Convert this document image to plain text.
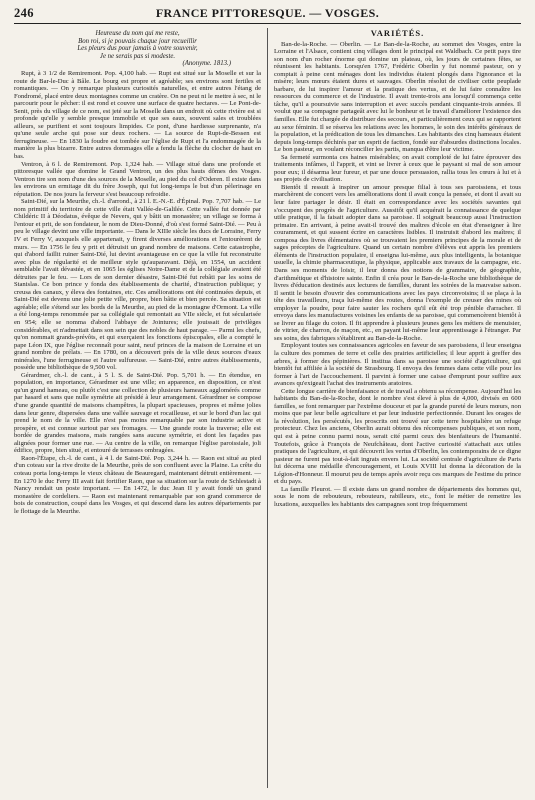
246	FRANCE PITTORESQUE. — VOSGES.
Heureuse du nom qui me reste,
Bon roi, si je pouvais chaque jour recueillir
Les pleurs dus pour jamais à votre souvenir,
Je ne serais pas si modeste.
(Anonyme. 1813.)

Rupt, à 3 1/2 de Remiremont. Pop. 4,100 hab. — Rupt est situé sur la Moselle et sur la route de Bar-le-Duc à Bâle. Le bourg est propre et agréable; ses environs sont fertiles et romantiques. — On y remarque plusieurs curiosités naturelles, et entre autres l'étang de Fondromé, placé entre deux montagnes comme un cratère. On ne peut ni le mettre à sec, ni le parcourir pour le pêcher: il est rond et couvre une surface de quatre hectares. — Le Pont-de-Senit, près du village de ce nom, est jeté sur la Moselle dans un endroit où cette rivière est si profonde qu'elle y semble presque immobile et que ses eaux, souvent sales et troublées ailleurs, se purifient et sont toujours limpides. Ce pont, d'une hardiesse surprenante, n'a qu'une seule arche qui pose sur deux rochers. — La source de Rupt-de-Bessen est ferrugineuse. — En 1830 la foudre est tombée sur l'église de Rupt et l'a endommagée de la manière la plus bizarre. Entre autres dommages elle a fendu la flèche du clocher de haut en bas.

Ventron, à 6 l. de Remiremont. Pop. 1,324 hab. — Village situé dans une profonde et pittoresque vallée que domine le Grand Ventron, un des plus hauts dômes des Vosges. Ventron tire son nom d'une des sources de la Moselle, au pied du col d'Oderen. Il existe dans les environs un ermitage dit du frère Joseph, qui fut long-temps le but d'un pèlerinage en réputation. De nos jours la ferveur s'est beaucoup refroidie.

Saint-Dié, sur la Meurthe, ch.-l. d'arrond., à 21 l. E.-N.-E. d'Épinal. Pop. 7,707 hab. — Le nom primitif du territoire de cette ville était Vallée-de-Galilée. Cette vallée fut donnée par Childéric II à Déodatus, évêque de Nevers, qui y bâtit un monastère; un village se forma à l'entour et prit, de son fondateur, le nom de Dieu-Donné, d'où s'est formé Saint-Dié. — Peu à peu le village devint une ville importante. — Dans le XIIIe siècle les ducs de Lorraine, Ferry IV et Ferry V, auxquels elle appartenait, y firent diverses améliorations et l'entourèrent de murs. — En 1756 le feu y prit et détruisit un grand nombre de maisons. Cette catastrophe, qui d'abord faillit ruiner Saint-Dié, lui devint avantageuse en ce que la ville fut reconstruite avec plus de régularité et de meilleur style qu'auparavant. Déjà, en 1554, un accident semblable l'avait dévastée, et en 1065 les églises Notre-Dame et de la collégiale avaient été détruites par le feu. — Lors de son dernier désastre, Saint-Dié fut rebâti par les soins de Stanislas. Ce bon prince y fonda des établissements de charité, d'instruction publique; y creusa des canaux, y éleva des fontaines, etc. Ces améliorations ont été continuées depuis, et Saint-Dié est devenu une jolie petite ville, propre, bien bâtie et bien percée. Sa situation est agréable; elle s'étend sur les bords de la Meurthe, au pied de la montagne d'Ormont. La ville a été long-temps renommée par sa collégiale qui remontait au VIIe siècle, et fut sécularisée en 954; elle se nomma d'abord l'abbaye de Jointures; elle jouissait de privilèges considérables, et n'admettait dans son sein que des nobles de haut parage. — Parmi les chefs, qu'on nommait grands-prévôts, et qui exerçaient les fonctions épiscopales, elle a compté le pape Léon IX, que l'église reconnaît pour saint, neuf princes de la maison de Lorraine et un grand nombre de prélats. — En 1780, on a découvert près de la ville deux sources d'eaux minérales, l'une ferrugineuse et l'autre sulfureuse. — Saint-Dié, entre autres établissements, possède une bibliothèque de 9,500 vol.

Gérardmer, ch.-l. de cant., à 5 l. S. de Saint-Dié. Pop. 5,701 h. — En étendue, en population, en importance, Gérardmer est une ville; en apparence, en disposition, ce n'est qu'un grand hameau, ou plutôt c'est une collection de plusieurs hameaux agglomérés comme par hasard et sans que nulle symétrie ait présidé à leur arrangement. Gérardmer se compose d'une grande quantité de maisons champêtres, la plupart spacieuses, propres et même jolies dans leur genre, dispersées dans une vallée sauvage et rocailleuse, et sur le bord d'un lac qui prend le nom de la ville. Elle n'est pas moins remarquable par son industrie active et prospère, et est connue surtout par ses fromages. — Une grande route la traverse; elle est bordée de grandes maisons, mais rangées sans aucune symétrie, et dont les façades pas alignées pour former une rue. — Au centre de la ville, on remarque l'église paroissiale, joli édifice, propre, bien situé, et entouré de terrasses ombragées.

Raon-l'Étape, ch.-l. de cant., à 4 l. de Saint-Dié. Pop. 3,244 h. — Raon est situé au pied d'un coteau sur la rive droite de la Meurthe, près de son confluent avec la Plaine. La crête du coteau porta long-temps le vieux château de Beauregard, maintenant détruit entièrement. — En 1270 le duc Ferry III avait fait fortifier Raon, que sa situation sur la route de Schlestadt à Nancy rendait un poste important. — En 1472, le duc Jean II y avait fondé un grand monastère de cordeliers. — Raon est maintenant remarquable par son grand commerce de bois de construction, coupé dans les Vosges, et qui descend dans les autres départements par le flottage de la Meurthe.

VARIÉTÉS.

Ban-de-la-Roche. — Oberlin. — Le Ban-de-la-Roche, au sommet des Vosges, entre la Lorraine et l'Alsace, contient cinq villages dont le principal est Waldbach. Ce petit pays tire son nom d'un rocher énorme qui domine un plateau, où, les jours de certaines fêtes, se réunissent les habitants. Lorsqu'en 1767, Frédéric Oberlin y fut nommé pasteur, on y comptait à peine cent ménages dont les individus étaient plongés dans l'ignorance et la misère; leurs mœurs étaient dures et sauvages. Oberlin résolut de civiliser cette peuplade barbare, de lui inspirer l'amour et la pratique des vertus, et de lui faire connaître les ressources du commerce et de l'industrie. Il avait trente-trois ans lorsqu'il commença cette tâche, qu'il a poursuivie sans interruption et avec succès pendant cinquante-trois années. Il voulut que sa compagne partageât avec lui le bonheur et le travail d'améliorer l'existence des familles. Elle fut chargée de distribuer des secours, et particulièrement ceux qui se rapportent au sexe féminin. Il se réserva les relations avec les hommes, le soin des intérêts généraux de la population, et la prédication de tous les dimanches. Les habitants des cinq hameaux étaient depuis long-temps déchirés par un esprit de faction, fondé sur d'absurdes distinctions locales. Le bon pasteur, en voulant réconcilier les partis, manqua d'être leur victime.

Sa fermeté surmonta ces haines misérables; on avait comploté de lui faire éprouver des traitements infâmes, il l'apprit, et vint se livrer à ceux que le paysant si mal de son amour pour eux; il désarma leur fureur, et par une douce persuasion, rallia tous les cœurs à lui et à ses projets de civilisation.

Bientôt il ressuit à inspirer un amour presque filial à tous ses paroissiens, et tous marchèrent de concert vers les améliorations dont il avait conçu la pensée, et dont il avait su leur faire partager le désir. Il était en correspondance avec les sociétés savantes qui s'occupent des progrès de l'agriculture. Aussitôt qu'il acquérait la connaissance de quelque utile pratique, il la faisait adopter dans sa paroisse. Il soignait beaucoup aussi l'instruction primaire. En arrivant, à peine avait-il trouvé des maîtres d'école en état d'enseigner à lire couramment, et qui sussent écrire en caractères lisibles. Il instruisit d'abord les maîtres; il composa des livres élémentaires où se trouvaient les premiers principes de la morale et de sages préceptes de l'agriculture. Quand un certain nombre d'élèves eut appris les premiers éléments de l'instruction populaire, il enseigna lui-même, aux plus intelligents, la botanique usuelle, la chimie pharmaceutique, la physique, applicable aux travaux de la campagne, etc. Dans ses moments de loisir, il leur donna des notions de grammaire, de géographie, d'arithmétique et d'histoire sainte. Enfin il créa pour le Ban-de-la-Roche une bibliothèque de livres d'éducation destinés aux lectures de familles, durant les soirées de la mauvaise saison. Il sentit le besoin d'ouvrir des communications avec les pays circonvoisins; il se plaça à la tête des travailleurs, traça lui-même des routes, donna l'exemple de creuser des mines où employer la poudre, pour faire sauter les rochers qu'il eût été trop pénible d'arracher. Il envoya dans les manufactures voisines les enfants de sa paroisse, qui commencèrent bientôt à se livrer au filage du coton. Il fit apprendre à plusieurs jeunes gens les métiers de menuisier, de vitrier, de charron, de maçon, etc., en payant lui-même leur apprentissage à l'étranger. Par ses soins, des fabriques s'établirent au Ban-de-la-Roche.

Employant toutes ses connaissances agricoles en faveur de ses paroissiens, il leur enseigna la culture des pommes de terre et celle des prairies artificielles; il leur apprit à greffer des arbres, à former des pépinières. Il institua dans sa paroisse une société d'agriculture, qui bientôt fut affiliée à la société de Strasbourg. Il envoya des femmes dans cette ville pour les former à l'art de l'accouchement. Il parvint à former une caisse d'emprunt pour suffire aux avances qu'exigeait l'achat des instruments aratoires.

Cette longue carrière de bienfaisance et de travail a obtenu sa récompense. Aujourd'hui les habitants du Ban-de-la-Roche, dont le nombre s'est élevé à plus de 4,000, divisés en 600 familles, se font remarquer par l'extrême douceur et par la grande pureté de leurs mœurs, non moins que par leur belle agriculture et par leur industrie perfectionnée. Durant les orages de la révolution, les persécutés, les proscrits ont trouvé sur cette terre hospitalière un refuge protecteur. Chez les anciens, Oberlin aurait obtenu des récompenses publiques, et son nom, qui est à peine connu parmi nous, serait cité parmi ceux des bienfaiteurs de l'humanité. Toutefois, grâce à François de Neufchâteau, dont l'active curiosité s'attachait aux utiles pratiques de l'agriculture, et qui découvrit les vertus d'Oberlin, les contemporains de ce digne pasteur ne furent pas tout-à-fait ingrats envers lui. La société centrale d'agriculture de Paris lui décerna une médaille d'encouragement, et Louis XVIII lui donna la décoration de la Légion-d'Honneur. Il mourut peu de temps après avoir reçu ces marques de l'estime du prince et du pays.

La famille Fleurot. — Il existe dans un grand nombre de départements des hommes qui, sous le nom de rebouteurs, rebouteurs, rabilleurs, etc., font le métier de remettre les luxations, auxquelles les habitants des campagnes sont trop fréquemment
